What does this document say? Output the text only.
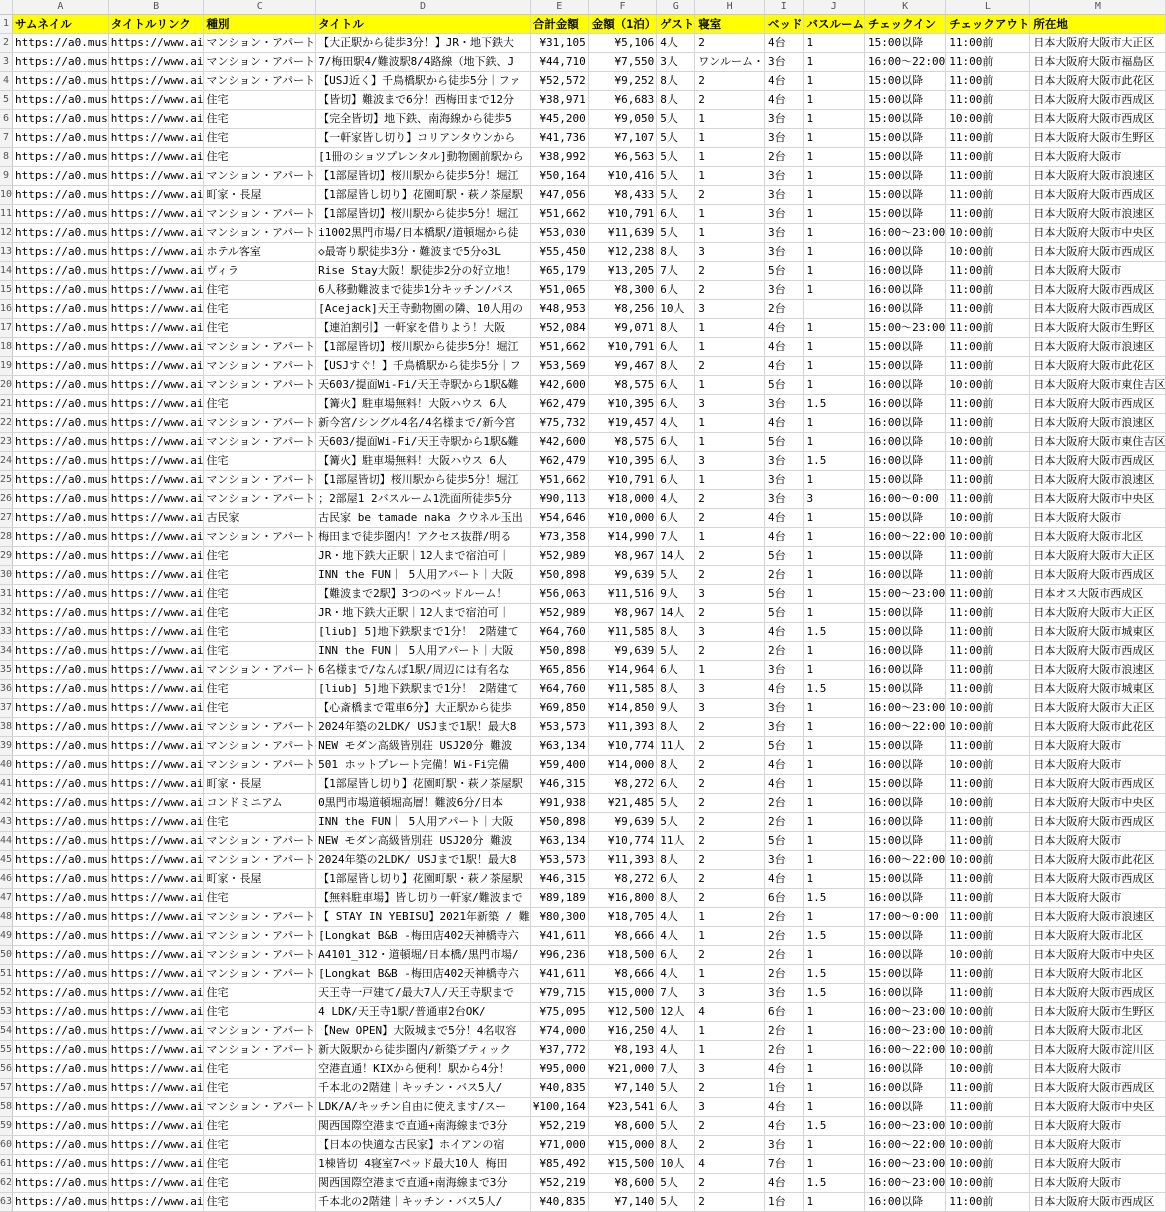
	A	B	C	D	E	F	G	H	I	J	K	L	M
1	サムネイル	タイトルリンク	種別	タイトル	合計金額	金額（1泊）	ゲスト	寝室	ベッド	バスルーム	チェックイン	チェックアウト	所在地
2	https://a0.mus	https://www.ai	マンション・アパート	【大正駅から徒歩3分！】JR・地下鉄大	¥31,105	¥5,106	4人	2	4台	1	15:00以降	11:00前	日本大阪府大阪市大正区
3	https://a0.mus	https://www.ai	マンション・アパート	7/梅田駅4/難波駅8/4路線（地下鉄、J	¥44,710	¥7,550	3人	ワンルーム・	3台	1	16:00～22:00	11:00前	日本大阪府大阪市福島区
4	https://a0.mus	https://www.ai	マンション・アパート	【USJ近く】千鳥橋駅から徒歩5分｜ファ	¥52,572	¥9,252	8人	2	4台	1	15:00以降	11:00前	日本大阪府大阪市此花区
5	https://a0.mus	https://www.ai	住宅	【皆切】難波まで6分！西梅田まで12分	¥38,971	¥6,683	8人	2	4台	1	15:00以降	11:00前	日本大阪府大阪市西成区
6	https://a0.mus	https://www.ai	住宅	【完全皆切】地下鉄、南海線から徒歩5	¥45,200	¥9,050	5人	1	3台	1	15:00以降	10:00前	日本大阪府大阪市西成区
7	https://a0.mus	https://www.ai	住宅	【一軒家皆し切り】コリアンタウンから	¥41,736	¥7,107	5人	1	3台	1	15:00以降	11:00前	日本大阪府大阪市生野区
8	https://a0.mus	https://www.ai	住宅	[1冊のショツプレンタル]動物園前駅から	¥38,992	¥6,563	5人	1	2台	1	15:00以降	11:00前	日本大阪府大阪市
9	https://a0.mus	https://www.ai	マンション・アパート	【1部屋皆切】桜川駅から徒歩5分！堀江	¥50,164	¥10,416	5人	1	3台	1	15:00以降	11:00前	日本大阪府大阪市浪速区
10	https://a0.mus	https://www.ai	町家・長屋	【1部屋皆し切り】花園町駅・萩ノ茶屋駅	¥47,056	¥8,433	5人	2	3台	1	15:00以降	11:00前	日本大阪府大阪市西成区
11	https://a0.mus	https://www.ai	マンション・アパート	【1部屋皆切】桜川駅から徒歩5分！堀江	¥51,662	¥10,791	6人	1	3台	1	15:00以降	11:00前	日本大阪府大阪市浪速区
12	https://a0.mus	https://www.ai	マンション・アパート	i1002黒門市場/日本橋駅/道頓堀から徒	¥53,030	¥11,639	5人	1	3台	1	16:00～23:00	10:00前	日本大阪府大阪市中央区
13	https://a0.mus	https://www.ai	ホテル客室	◇最寄り駅徒歩3分・難波まで5分◇3L	¥55,450	¥12,238	8人	3	3台	1	16:00以降	10:00前	日本大阪府大阪市西成区
14	https://a0.mus	https://www.ai	ヴィラ	Rise Stay大阪！駅徒歩2分の好立地！	¥65,179	¥13,205	7人	2	5台	1	16:00以降	11:00前	日本大阪府大阪市
15	https://a0.mus	https://www.ai	住宅	6人移動難波まで徒歩1分キッチン/バス	¥51,065	¥8,300	6人	2	3台	1	16:00以降	11:00前	日本大阪府大阪市西成区
16	https://a0.mus	https://www.ai	住宅	[Acejack]天王寺動物園の隣、10人用の	¥48,953	¥8,256	10人	3	2台		16:00以降	11:00前	日本大阪府大阪市西成区
17	https://a0.mus	https://www.ai	住宅	【連泊割引】一軒家を借りよう！大阪	¥52,084	¥9,071	8人	1	4台	1	15:00～23:00	11:00前	日本大阪府大阪市生野区
18	https://a0.mus	https://www.ai	マンション・アパート	【1部屋皆切】桜川駅から徒歩5分！堀江	¥51,662	¥10,791	6人	1	4台	1	15:00以降	11:00前	日本大阪府大阪市浪速区
19	https://a0.mus	https://www.ai	マンション・アパート	【USJすぐ！】千鳥橋駅から徒歩5分｜フ	¥53,569	¥9,467	8人	2	4台	1	15:00以降	11:00前	日本大阪府大阪市此花区
20	https://a0.mus	https://www.ai	マンション・アパート	天603/提面Wi-Fi/天王寺駅から1駅&難	¥42,600	¥8,575	6人	1	5台	1	16:00以降	10:00前	日本大阪府大阪市東住吉区
21	https://a0.mus	https://www.ai	住宅	【篝火】駐車場無料！大阪ハウス 6人	¥62,479	¥10,395	6人	3	3台	1.5	16:00以降	11:00前	日本大阪府大阪市西成区
22	https://a0.mus	https://www.ai	マンション・アパート	新今宮/シングル4名/4名様まで/新今宮	¥75,732	¥19,457	4人	1	4台	1	16:00以降	11:00前	日本大阪府大阪市浪速区
23	https://a0.mus	https://www.ai	マンション・アパート	天603/提面Wi-Fi/天王寺駅から1駅&難	¥42,600	¥8,575	6人	1	5台	1	16:00以降	10:00前	日本大阪府大阪市東住吉区
24	https://a0.mus	https://www.ai	住宅	【篝火】駐車場無料！大阪ハウス 6人	¥62,479	¥10,395	6人	3	3台	1.5	16:00以降	11:00前	日本大阪府大阪市西成区
25	https://a0.mus	https://www.ai	マンション・アパート	【1部屋皆切】桜川駅から徒歩5分！堀江	¥51,662	¥10,791	6人	1	3台	1	15:00以降	11:00前	日本大阪府大阪市浪速区
26	https://a0.mus	https://www.ai	マンション・アパート	；2部屋1 2バスルーム1洗面所徒歩5分	¥90,113	¥18,000	4人	2	3台	3	16:00～0:00	11:00前	日本大阪府大阪市中央区
27	https://a0.mus	https://www.ai	古民家	古民家 be tamade naka クウネル玉出	¥54,646	¥10,000	6人	2	4台	1	15:00以降	10:00前	日本大阪府大阪市
28	https://a0.mus	https://www.ai	マンション・アパート	梅田まで徒歩圏内！アクセス抜群/明る	¥73,358	¥14,990	7人	1	4台	1	16:00～22:00	10:00前	日本大阪府大阪市北区
29	https://a0.mus	https://www.ai	住宅	JR・地下鉄大正駅｜12人まで宿泊可｜	¥52,989	¥8,967	14人	2	5台	1	15:00以降	11:00前	日本大阪府大阪市大正区
30	https://a0.mus	https://www.ai	住宅	INN the FUN｜ 5人用アパート｜大阪	¥50,898	¥9,639	5人	2	2台	1	16:00以降	11:00前	日本大阪府大阪市西成区
31	https://a0.mus	https://www.ai	住宅	【難波まで2駅】3つのベッドルーム！	¥56,063	¥11,516	9人	3	5台	1	15:00～23:00	11:00前	日本オス大阪市西成区
32	https://a0.mus	https://www.ai	住宅	JR・地下鉄大正駅｜12人まで宿泊可｜	¥52,989	¥8,967	14人	2	5台	1	15:00以降	11:00前	日本大阪府大阪市大正区
33	https://a0.mus	https://www.ai	住宅	[liub] 5]地下鉄駅まで1分！ 2階建て	¥64,760	¥11,585	8人	3	4台	1.5	15:00以降	11:00前	日本大阪府大阪市城東区
34	https://a0.mus	https://www.ai	住宅	INN the FUN｜ 5人用アパート｜大阪	¥50,898	¥9,639	5人	2	2台	1	16:00以降	11:00前	日本大阪府大阪市西成区
35	https://a0.mus	https://www.ai	マンション・アパート	6名様まで/なんば1駅/周辺には有名な	¥65,856	¥14,964	6人	1	3台	1	16:00以降	11:00前	日本大阪府大阪市浪速区
36	https://a0.mus	https://www.ai	住宅	[liub] 5]地下鉄駅まで1分！ 2階建て	¥64,760	¥11,585	8人	3	4台	1.5	15:00以降	11:00前	日本大阪府大阪市城東区
37	https://a0.mus	https://www.ai	住宅	【心斎橋まで電車6分】大正駅から徒歩	¥69,850	¥14,850	9人	3	3台	1	16:00～23:00	10:00前	日本大阪府大阪市大正区
38	https://a0.mus	https://www.ai	マンション・アパート	2024年築の2LDK/ USJまで1駅！最大8	¥53,573	¥11,393	8人	2	3台	1	16:00～22:00	10:00前	日本大阪府大阪市此花区
39	https://a0.mus	https://www.ai	マンション・アパート	NEW モダン高級皆別荘 USJ20分 難波	¥63,134	¥10,774	11人	2	5台	1	15:00以降	11:00前	日本大阪府大阪市
40	https://a0.mus	https://www.ai	マンション・アパート	501 ホットプレート完備！Wi-Fi完備	¥59,400	¥14,000	8人	2	4台	1	16:00以降	10:00前	日本大阪府大阪市
41	https://a0.mus	https://www.ai	町家・長屋	【1部屋皆し切り】花園町駅・萩ノ茶屋駅	¥46,315	¥8,272	6人	2	4台	1	15:00以降	11:00前	日本大阪府大阪市西成区
42	https://a0.mus	https://www.ai	コンドミニアム	0黒門市場道頓堀高層！難波6分/日本	¥91,938	¥21,485	5人	2	2台	1	16:00以降	10:00前	日本大阪府大阪市中央区
43	https://a0.mus	https://www.ai	住宅	INN the FUN｜ 5人用アパート｜大阪	¥50,898	¥9,639	5人	2	2台	1	16:00以降	11:00前	日本大阪府大阪市西成区
44	https://a0.mus	https://www.ai	マンション・アパート	NEW モダン高級皆別荘 USJ20分 難波	¥63,134	¥10,774	11人	2	5台	1	15:00以降	11:00前	日本大阪府大阪市
45	https://a0.mus	https://www.ai	マンション・アパート	2024年築の2LDK/ USJまで1駅！最大8	¥53,573	¥11,393	8人	2	3台	1	16:00～22:00	10:00前	日本大阪府大阪市此花区
46	https://a0.mus	https://www.ai	町家・長屋	【1部屋皆し切り】花園町駅・萩ノ茶屋駅	¥46,315	¥8,272	6人	2	4台	1	15:00以降	11:00前	日本大阪府大阪市西成区
47	https://a0.mus	https://www.ai	住宅	【無料駐車場】皆し切り一軒家/難波まで	¥89,189	¥16,800	8人	2	6台	1.5	16:00以降	11:00前	日本大阪府大阪市
48	https://a0.mus	https://www.ai	マンション・アパート	【 STAY IN YEBISU】2021年新築 / 難	¥80,300	¥18,705	4人	1	2台	1	17:00～0:00	11:00前	日本大阪府大阪市浪速区
49	https://a0.mus	https://www.ai	マンション・アパート	[Longkat B&B -梅田店402天神橋寺六	¥41,611	¥8,666	4人	1	2台	1.5	15:00以降	11:00前	日本大阪府大阪市北区
50	https://a0.mus	https://www.ai	マンション・アパート	A4101_312・道頓堀/日本橋/黒門市場/	¥96,236	¥18,500	6人	2	2台	1	16:00以降	10:00前	日本大阪府大阪市中央区
51	https://a0.mus	https://www.ai	マンション・アパート	[Longkat B&B -梅田店402天神橋寺六	¥41,611	¥8,666	4人	1	2台	1.5	15:00以降	11:00前	日本大阪府大阪市北区
52	https://a0.mus	https://www.ai	住宅	天王寺一戸建て/最大7人/天王寺駅まで	¥79,715	¥15,000	7人	3	3台	1.5	16:00以降	11:00前	日本大阪府大阪市西成区
53	https://a0.mus	https://www.ai	住宅	4 LDK/天王寺1駅/普通車2台OK/	¥75,095	¥12,500	12人	4	6台	1	16:00～23:00	10:00前	日本大阪府大阪市生野区
54	https://a0.mus	https://www.ai	マンション・アパート	【New OPEN】大阪城まで5分！4名収容	¥74,000	¥16,250	4人	1	2台	1	16:00～23:00	10:00前	日本大阪府大阪市北区
55	https://a0.mus	https://www.ai	マンション・アパート	新大阪駅から徒歩圏内/新築ブティック	¥37,772	¥8,193	4人	1	2台	1	16:00～22:00	10:00前	日本大阪府大阪市淀川区
56	https://a0.mus	https://www.ai	住宅	空港直通！KIXから便利！駅から4分！	¥95,000	¥21,000	7人	3	4台	1	16:00以降	10:00前	日本大阪府大阪市
57	https://a0.mus	https://www.ai	住宅	千本北の2階建｜キッチン・バス5人/	¥40,835	¥7,140	5人	2	1台	1	16:00以降	11:00前	日本大阪府大阪市西成区
58	https://a0.mus	https://www.ai	マンション・アパート	LDK/A/キッチン自由に使えます/スー	¥100,164	¥23,541	6人	3	4台	1	16:00以降	11:00前	日本大阪府大阪市中央区
59	https://a0.mus	https://www.ai	住宅	関西国際空港まで直通+南海線まで3分	¥52,219	¥8,600	5人	2	4台	1.5	16:00～23:00	10:00前	日本大阪府大阪市
60	https://a0.mus	https://www.ai	住宅	【日本の快適な古民家】ホイアンの宿	¥71,000	¥15,000	8人	2	3台	1	16:00～22:00	10:00前	日本大阪府大阪市
61	https://a0.mus	https://www.ai	住宅	1棟皆切 4寝室7ベッド最大10人 梅田	¥85,492	¥15,500	10人	4	7台	1	16:00～23:00	10:00前	日本大阪府大阪市
62	https://a0.mus	https://www.ai	住宅	関西国際空港まで直通+南海線まで3分	¥52,219	¥8,600	5人	2	4台	1.5	16:00～23:00	10:00前	日本大阪府大阪市
63	https://a0.mus	https://www.ai	住宅	千本北の2階建｜キッチン・バス5人/	¥40,835	¥7,140	5人	2	1台	1	16:00以降	11:00前	日本大阪府大阪市西成区
